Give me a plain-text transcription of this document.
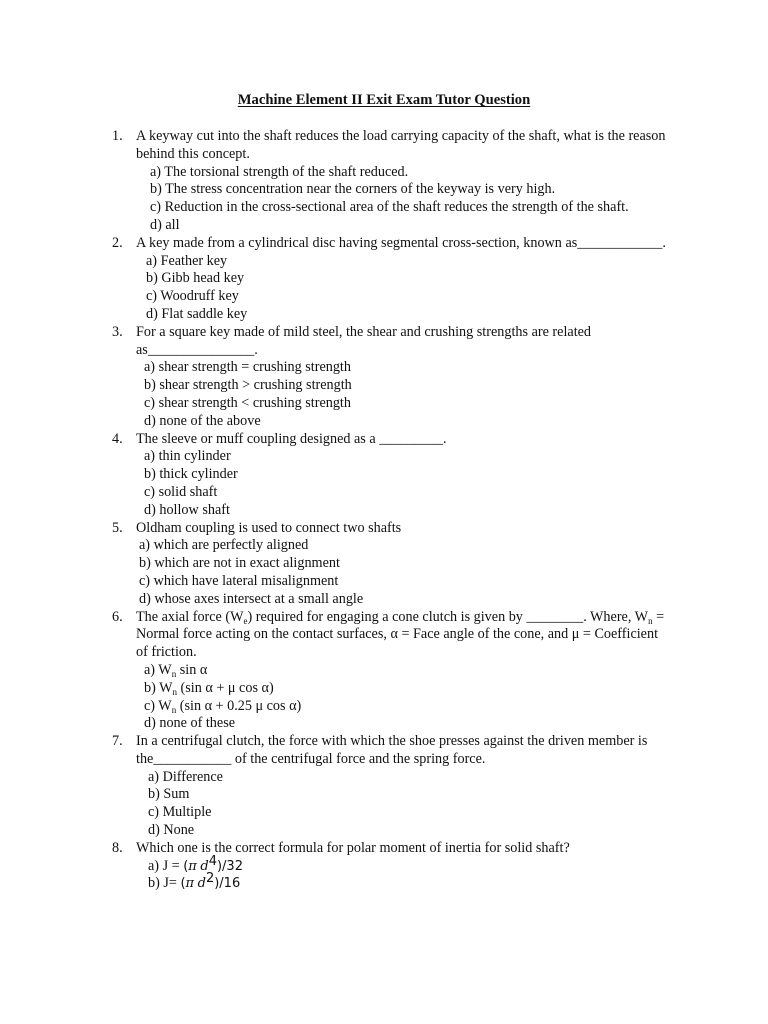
Machine Element II Exit Exam Tutor Question
1. A keyway cut into the shaft reduces the load carrying capacity of the shaft, what is the reason behind this concept.
a) The torsional strength of the shaft reduced.
b) The stress concentration near the corners of the keyway is very high.
c) Reduction in the cross-sectional area of the shaft reduces the strength of the shaft.
d) all
2. A key made from a cylindrical disc having segmental cross-section, known as____________.
a) Feather key
b) Gibb head key
c) Woodruff key
d) Flat saddle key
3. For a square key made of mild steel, the shear and crushing strengths are related as_______________.
a) shear strength = crushing strength
b) shear strength > crushing strength
c) shear strength < crushing strength
d) none of the above
4. The sleeve or muff coupling designed as a _________.
a) thin cylinder
b) thick cylinder
c) solid shaft
d) hollow shaft
5. Oldham coupling is used to connect two shafts
a) which are perfectly aligned
b) which are not in exact alignment
c) which have lateral misalignment
d) whose axes intersect at a small angle
6. The axial force $(W_e)$ required for engaging a cone clutch is given by ________. Where, $W_n$ = Normal force acting on the contact surfaces, α = Face angle of the cone, and μ = Coefficient of friction.
a) $W_n$ sin α
b) $W_n$ (sin α + μ cos α)
c) $W_n$ (sin α + 0.25 μ cos α)
d) none of these
7. In a centrifugal clutch, the force with which the shoe presses against the driven member is the___________ of the centrifugal force and the spring force.
a) Difference
b) Sum
c) Multiple
d) None
8. Which one is the correct formula for polar moment of inertia for solid shaft?
a) J = (π $d^4)/32$
b) J= (π $d^2)/16$
